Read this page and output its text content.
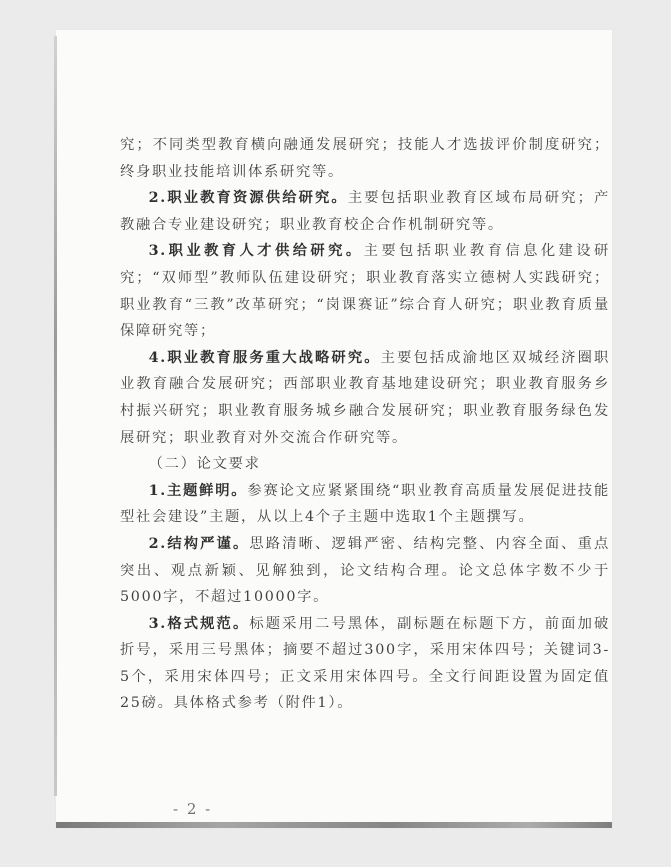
究；不同类型教育横向融通发展研究；技能人才选拔评价制度研究；终身职业技能培训体系研究等。

2.职业教育资源供给研究。主要包括职业教育区域布局研究；产教融合专业建设研究；职业教育校企合作机制研究等。

3.职业教育人才供给研究。主要包括职业教育信息化建设研究；“双师型”教师队伍建设研究；职业教育落实立德树人实践研究；职业教育“三教”改革研究；“岗课赛证”综合育人研究；职业教育质量保障研究等；

4.职业教育服务重大战略研究。主要包括成渝地区双城经济圈职业教育融合发展研究；西部职业教育基地建设研究；职业教育服务乡村振兴研究；职业教育服务城乡融合发展研究；职业教育服务绿色发展研究；职业教育对外交流合作研究等。

（二）论文要求

1.主题鲜明。参赛论文应紧紧围绕“职业教育高质量发展促进技能型社会建设”主题，从以上4个子主题中选取1个主题撰写。

2.结构严谨。思路清晰、逻辑严密、结构完整、内容全面、重点突出、观点新颖、见解独到，论文结构合理。论文总体字数不少于5000字，不超过10000字。

3.格式规范。标题采用二号黑体，副标题在标题下方，前面加破折号，采用三号黑体；摘要不超过300字，采用宋体四号；关键词3-5个，采用宋体四号；正文采用宋体四号。全文行间距设置为固定值25磅。具体格式参考（附件1）。

- 2 -
